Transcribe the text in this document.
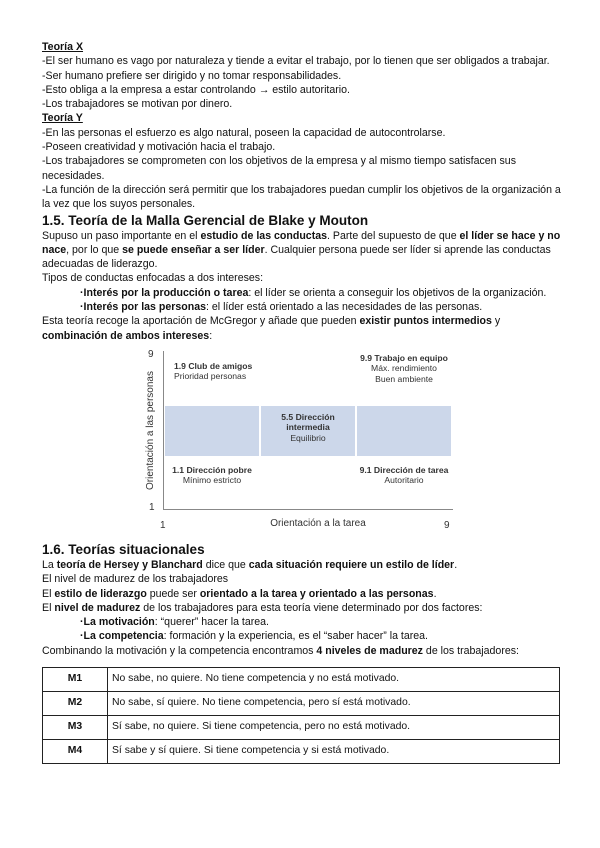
Teoría X

-El ser humano es vago por naturaleza y tiende a evitar el trabajo, por lo tienen que ser obligados a trabajar.

-Ser humano prefiere ser dirigido y no tomar responsabilidades.

-Esto obliga a la empresa a estar controlando → estilo autoritario.

-Los trabajadores se motivan por dinero.

Teoría Y

-En las personas el esfuerzo es algo natural, poseen la capacidad de autocontrolarse.

-Poseen creatividad y motivación hacia el trabajo.

-Los trabajadores se comprometen con los objetivos de la empresa y al mismo tiempo satisfacen sus necesidades.

-La función de la dirección será permitir que los trabajadores puedan cumplir los objetivos de la organización a la vez que los suyos personales.

1.5. Teoría de la Malla Gerencial de Blake y Mouton

Supuso un paso importante en el estudio de las conductas. Parte del supuesto de que el líder se hace y no nace, por lo que se puede enseñar a ser líder. Cualquier persona puede ser líder si aprende las conductas adecuadas de liderazgo.

Tipos de conductas enfocadas a dos intereses:

·Interés por la producción o tarea: el líder se orienta a conseguir los objetivos de la organización.

·Interés por las personas: el líder está orientado a las necesidades de las personas.

Esta teoría recoge la aportación de McGregor y añade que pueden existir puntos intermedios y combinación de ambos intereses:

Orientación a las personas
9
1
1	9
Orientación a la tarea
1.9 Club de amigos
Prioridad personas
9.9 Trabajo en equipo
Máx. rendimiento
Buen ambiente
5.5 Dirección intermedia
Equilibrio
1.1 Dirección pobre
Mínimo estricto
9.1 Dirección de tarea
Autoritario
1.6. Teorías situacionales

La teoría de Hersey y Blanchard dice que cada situación requiere un estilo de líder.

El nivel de madurez de los trabajadores

El estilo de liderazgo puede ser orientado a la tarea y orientado a las personas.

El nivel de madurez de los trabajadores para esta teoría viene determinado por dos factores:

·La motivación: “querer” hacer la tarea.

·La competencia: formación y la experiencia, es el “saber hacer” la tarea.

Combinando la motivación y la competencia encontramos 4 niveles de madurez de los trabajadores:

M1	No sabe, no quiere. No tiene competencia y no está motivado.
M2	No sabe, sí quiere. No tiene competencia, pero sí está motivado.
M3	Sí sabe, no quiere. Si tiene competencia, pero no está motivado.
M4	Sí sabe y sí quiere. Si tiene competencia y si está motivado.
